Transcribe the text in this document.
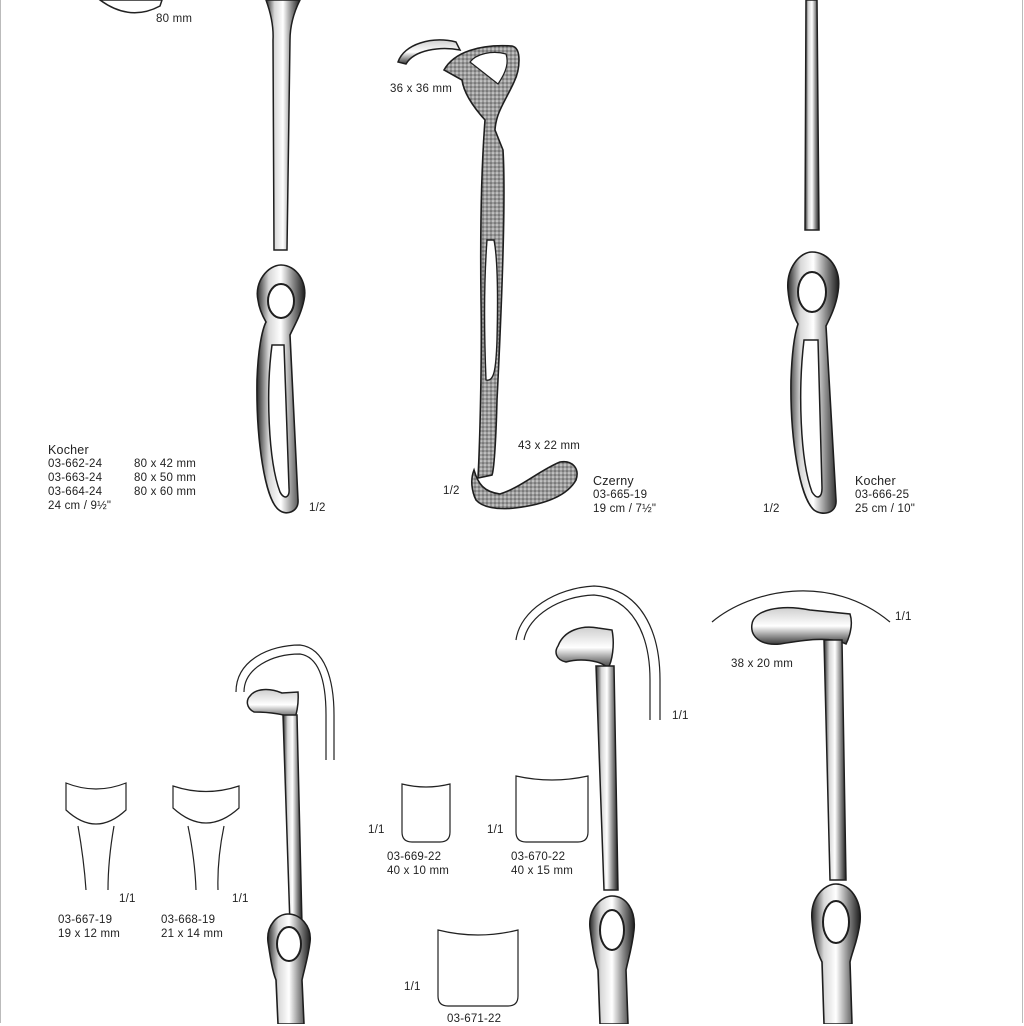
80 mm
Kocher
03-662-24	80 x 42 mm
03-663-24	80 x 50 mm
03-664-24	80 x 60 mm
24 cm / 9½"	1/2
36 x 36 mm
43 x 22 mm
1/2
Czerny
03-665-19
19 cm / 7½"	1/2
Kocher
03-666-25
25 cm / 10"
1/1
38 x 20 mm
1/1
1/1
03-667-19
19 x 12 mm
1/1
03-668-19
21 x 14 mm
1/1
03-669-22
40 x 10 mm
1/1
03-670-22
40 x 15 mm
1/1
03-671-22
